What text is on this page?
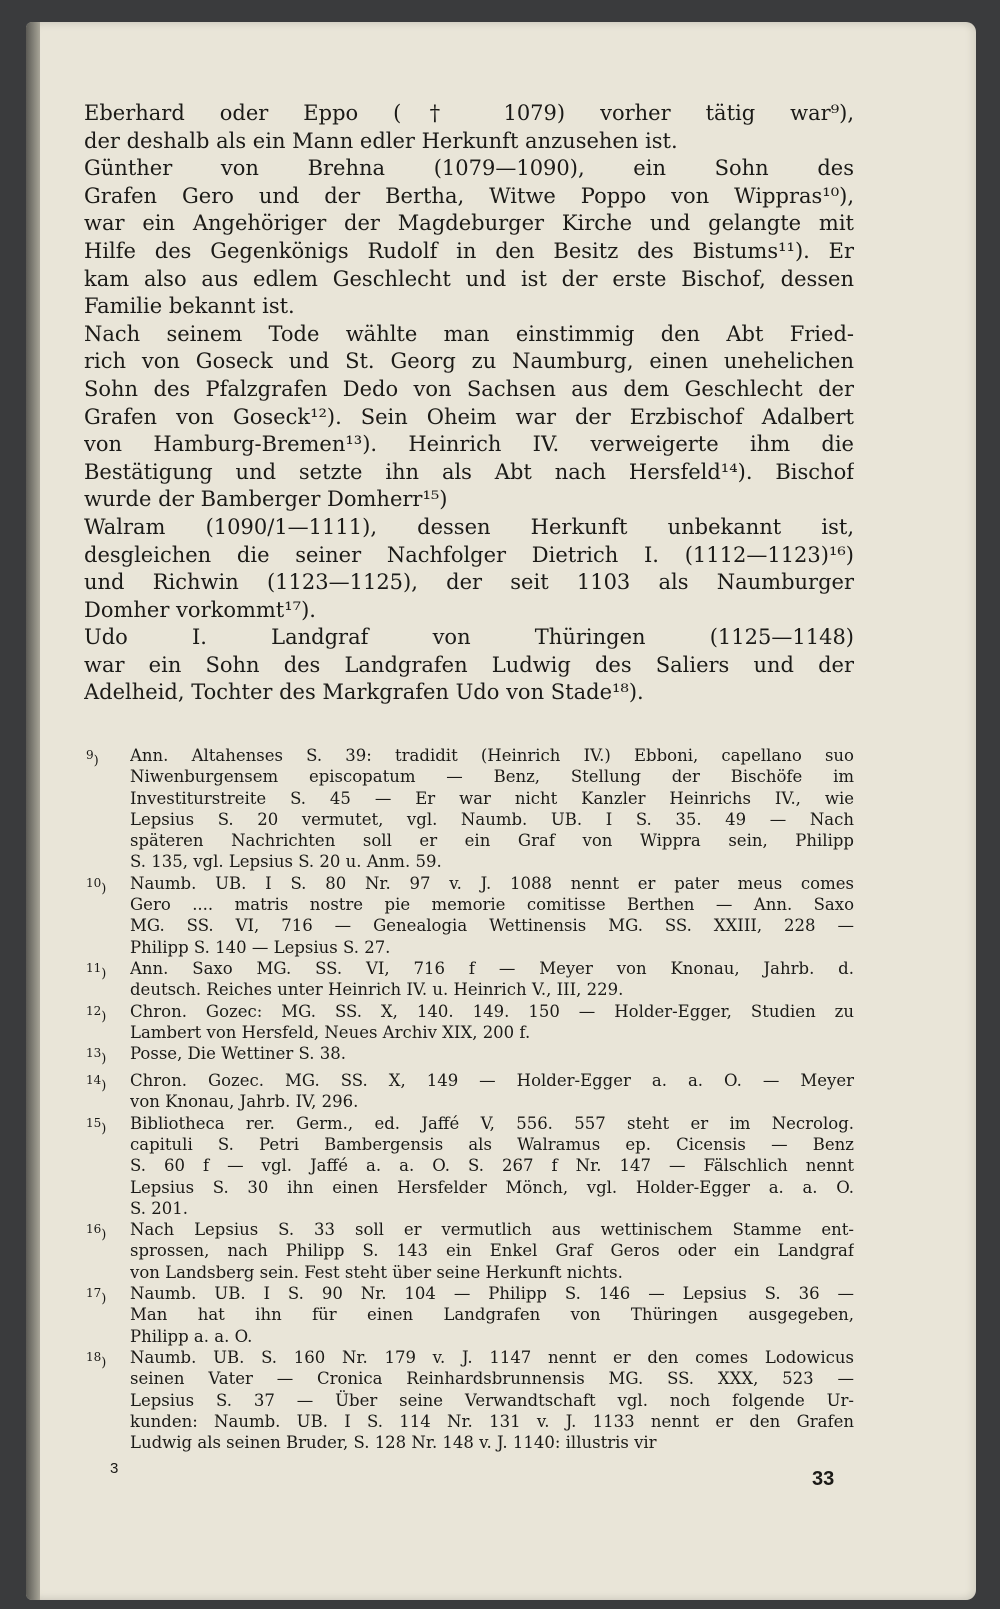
Eberhard oder Eppo († 1079) vorher tätig war⁹),
der deshalb als ein Mann edler Herkunft anzusehen ist.
Günther von Brehna (1079—1090), ein Sohn des
Grafen Gero und der Bertha, Witwe Poppo von Wippras¹⁰),
war ein Angehöriger der Magdeburger Kirche und gelangte mit
Hilfe des Gegenkönigs Rudolf in den Besitz des Bistums¹¹). Er
kam also aus edlem Geschlecht und ist der erste Bischof, dessen
Familie bekannt ist.
Nach seinem Tode wählte man einstimmig den Abt Fried-
rich von Goseck und St. Georg zu Naumburg, einen unehelichen
Sohn des Pfalzgrafen Dedo von Sachsen aus dem Geschlecht der
Grafen von Goseck¹²). Sein Oheim war der Erzbischof Adalbert
von Hamburg-Bremen¹³). Heinrich IV. verweigerte ihm die
Bestätigung und setzte ihn als Abt nach Hersfeld¹⁴). Bischof
wurde der Bamberger Domherr¹⁵)
Walram (1090/1—1111), dessen Herkunft unbekannt ist,
desgleichen die seiner Nachfolger Dietrich I. (1112—1123)¹⁶)
und Richwin (1123—1125), der seit 1103 als Naumburger
Domher vorkommt¹⁷).
Udo I. Landgraf von Thüringen (1125—1148)
war ein Sohn des Landgrafen Ludwig des Saliers und der
Adelheid, Tochter des Markgrafen Udo von Stade¹⁸).
$^9$)	Ann. Altahenses S. 39: tradidit (Heinrich IV.) Ebboni, capellano suo
Niwenburgensem episcopatum — Benz, Stellung der Bischöfe im
Investiturstreite S. 45 — Er war nicht Kanzler Heinrichs IV., wie
Lepsius S. 20 vermutet, vgl. Naumb. UB. I S. 35. 49 — Nach
späteren Nachrichten soll er ein Graf von Wippra sein, Philipp
S. 135, vgl. Lepsius S. 20 u. Anm. 59.
$^{10}$)	Naumb. UB. I S. 80 Nr. 97 v. J. 1088 nennt er pater meus comes
Gero .... matris nostre pie memorie comitisse Berthen — Ann. Saxo
MG. SS. VI, 716 — Genealogia Wettinensis MG. SS. XXIII, 228 —
Philipp S. 140 — Lepsius S. 27.
$^{11}$)	Ann. Saxo MG. SS. VI, 716 f — Meyer von Knonau, Jahrb. d.
deutsch. Reiches unter Heinrich IV. u. Heinrich V., III, 229.
$^{12}$)	Chron. Gozec: MG. SS. X, 140. 149. 150 — Holder-Egger, Studien zu
Lambert von Hersfeld, Neues Archiv XIX, 200 f.
$^{13}$)	Posse, Die Wettiner S. 38.
$^{14}$)	Chron. Gozec. MG. SS. X, 149 — Holder-Egger a. a. O. — Meyer
von Knonau, Jahrb. IV, 296.
$^{15}$)	Bibliotheca rer. Germ., ed. Jaffé V, 556. 557 steht er im Necrolog.
capituli S. Petri Bambergensis als Walramus ep. Cicensis — Benz
S. 60 f — vgl. Jaffé a. a. O. S. 267 f Nr. 147 — Fälschlich nennt
Lepsius S. 30 ihn einen Hersfelder Mönch, vgl. Holder-Egger a. a. O.
S. 201.
$^{16}$)	Nach Lepsius S. 33 soll er vermutlich aus wettinischem Stamme ent-
sprossen, nach Philipp S. 143 ein Enkel Graf Geros oder ein Landgraf
von Landsberg sein. Fest steht über seine Herkunft nichts.
$^{17}$)	Naumb. UB. I S. 90 Nr. 104 — Philipp S. 146 — Lepsius S. 36 —
Man hat ihn für einen Landgrafen von Thüringen ausgegeben,
Philipp a. a. O.
$^{18}$)	Naumb. UB. S. 160 Nr. 179 v. J. 1147 nennt er den comes Lodowicus
seinen Vater — Cronica Reinhardsbrunnensis MG. SS. XXX, 523 —
Lepsius S. 37 — Über seine Verwandtschaft vgl. noch folgende Ur-
kunden: Naumb. UB. I S. 114 Nr. 131 v. J. 1133 nennt er den Grafen
Ludwig als seinen Bruder, S. 128 Nr. 148 v. J. 1140: illustris vir
3	33
